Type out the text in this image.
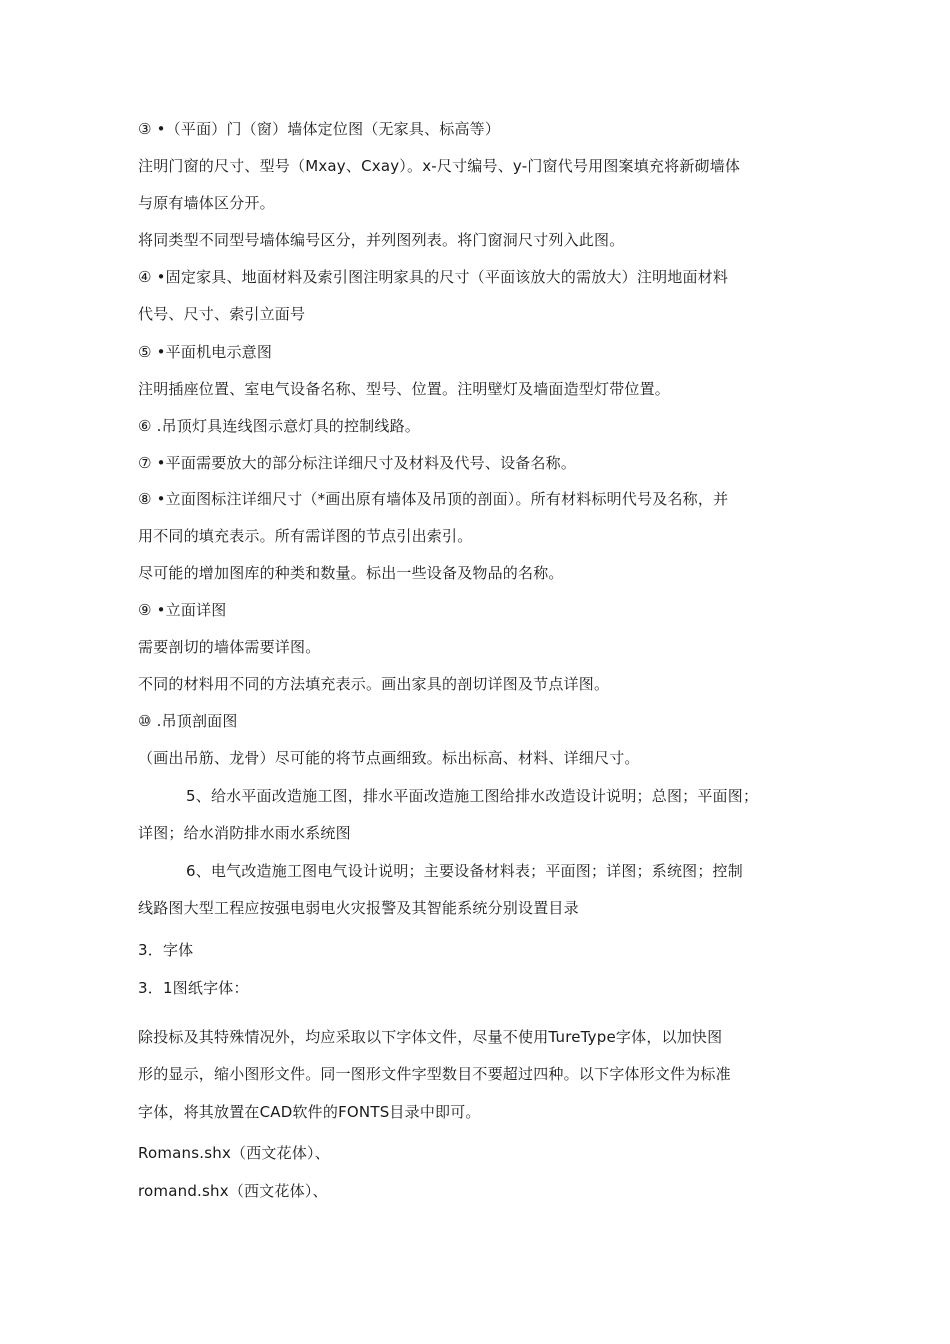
③ •（平面）门（窗）墙体定位图（无家具、标高等）
注明门窗的尺寸、型号（Mxay、Cxay）。x-尺寸编号、y-门窗代号用图案填充将新砌墙体
与原有墙体区分开。
将同类型不同型号墙体编号区分，并列图列表。将门窗洞尺寸列入此图。
④ •固定家具、地面材料及索引图注明家具的尺寸（平面该放大的需放大）注明地面材料
代号、尺寸、索引立面号
⑤ •平面机电示意图
注明插座位置、室电气设备名称、型号、位置。注明壁灯及墙面造型灯带位置。
⑥ .吊顶灯具连线图示意灯具的控制线路。
⑦ •平面需要放大的部分标注详细尺寸及材料及代号、设备名称。
⑧ •立面图标注详细尺寸（*画出原有墙体及吊顶的剖面）。所有材料标明代号及名称，并
用不同的填充表示。所有需详图的节点引出索引。
尽可能的增加图库的种类和数量。标出一些设备及物品的名称。
⑨ •立面详图
需要剖切的墙体需要详图。
不同的材料用不同的方法填充表示。画出家具的剖切详图及节点详图。
⑩ .吊顶剖面图
（画出吊筋、龙骨）尽可能的将节点画细致。标出标高、材料、详细尺寸。
5、给水平面改造施工图，排水平面改造施工图给排水改造设计说明；总图；平面图；
详图；给水消防排水雨水系统图
6、电气改造施工图电气设计说明；主要设备材料表；平面图；详图；系统图；控制
线路图大型工程应按强电弱电火灾报警及其智能系统分别设置目录
3．字体
3．1图纸字体：
除投标及其特殊情况外，均应采取以下字体文件，尽量不使用TureType字体，以加快图
形的显示，缩小图形文件。同一图形文件字型数目不要超过四种。以下字体形文件为标准
字体，将其放置在CAD软件的FONTS目录中即可。
Romans.shx（西文花体）、
romand.shx（西文花体）、
